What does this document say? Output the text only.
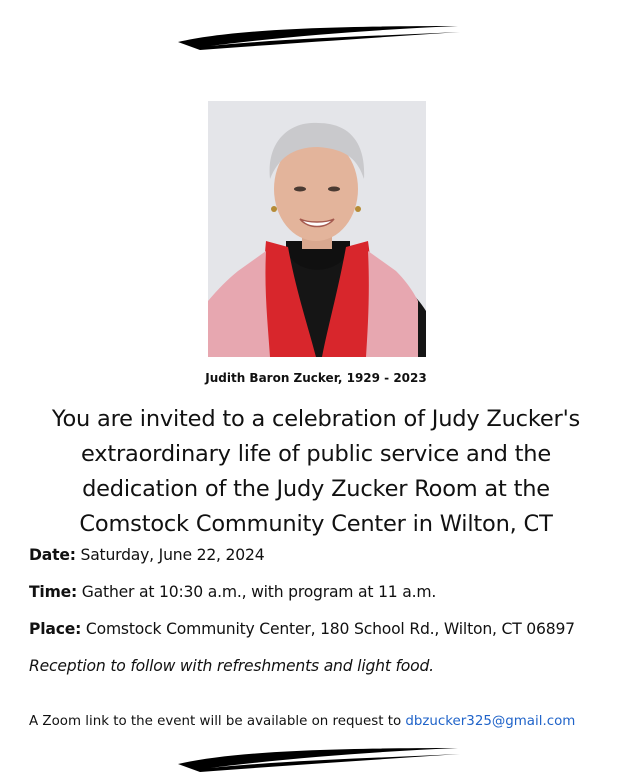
Judith Baron Zucker, 1929 - 2023
You are invited to a celebration of Judy Zucker's
extraordinary life of public service and the
dedication of the Judy Zucker Room at the
Comstock Community Center in Wilton, CT
Date: Saturday, June 22, 2024
Time: Gather at 10:30 a.m., with program at 11 a.m.
Place: Comstock Community Center, 180 School Rd., Wilton, CT 06897
Reception to follow with refreshments and light food.
A Zoom link to the event will be available on request to dbzucker325@gmail.com
